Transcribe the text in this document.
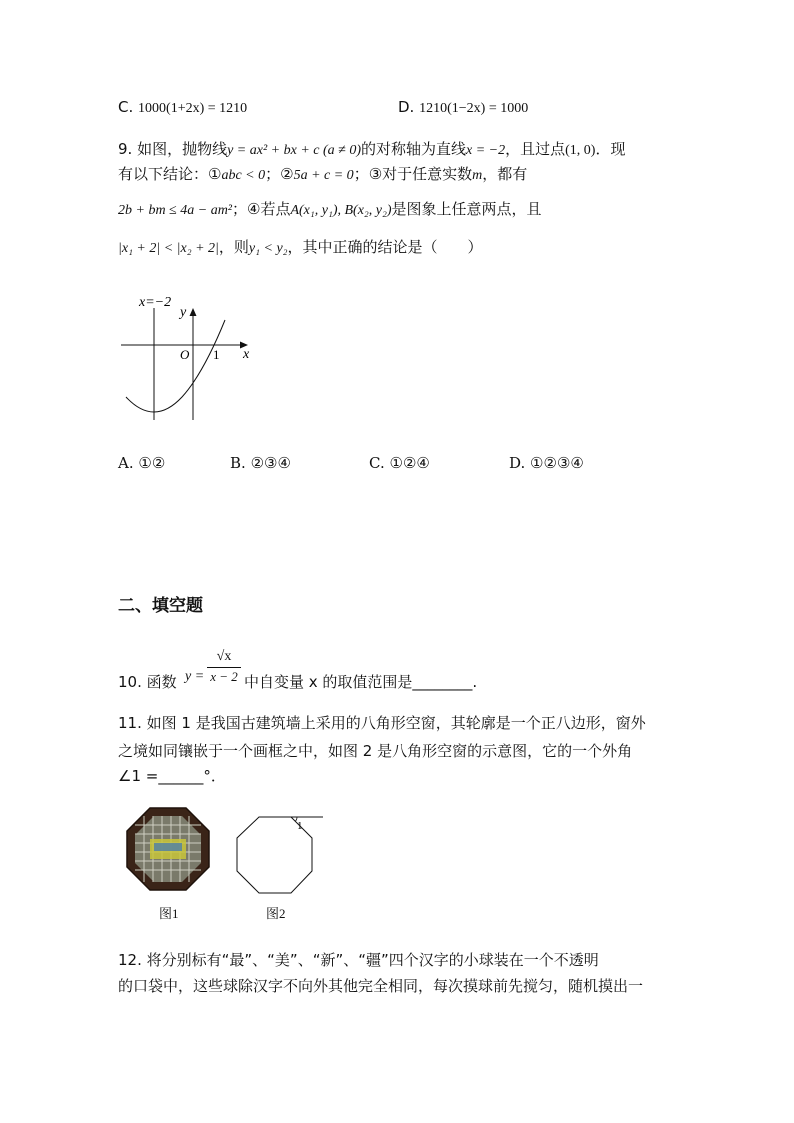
C. 1000(1+2x) = 1210	D. 1210(1−2x) = 1000
9. 如图，抛物线y = ax² + bx + c (a ≠ 0)的对称轴为直线x = −2，且过点(1, 0)．现
有以下结论：①abc < 0；②5a + c = 0；③对于任意实数m，都有
2b + bm ≤ 4a − am²；④若点A(x₁, y₁), B(x₂, y₂)是图象上任意两点，且
|x₁ + 2| < |x₂ + 2|，则y₁ < y₂，其中正确的结论是（　　）
x=−2
y
x
O 1
A. ①②	B. ②③④	C. ①②④	D. ①②③④
二、填空题
10. 函数 y =
√x
x − 2 中自变量 x 的取值范围是________.
11. 如图 1 是我国古建筑墙上采用的八角形空窗，其轮廓是一个正八边形，窗外
之境如同镶嵌于一个画框之中，如图 2 是八角形空窗的示意图，它的一个外角
∠1 =______°．
图1
1
图2
12. 将分别标有“最”、“美”、“新”、“疆”四个汉字的小球装在一个不透明
的口袋中，这些球除汉字不向外其他完全相同，每次摸球前先搅匀，随机摸出一
